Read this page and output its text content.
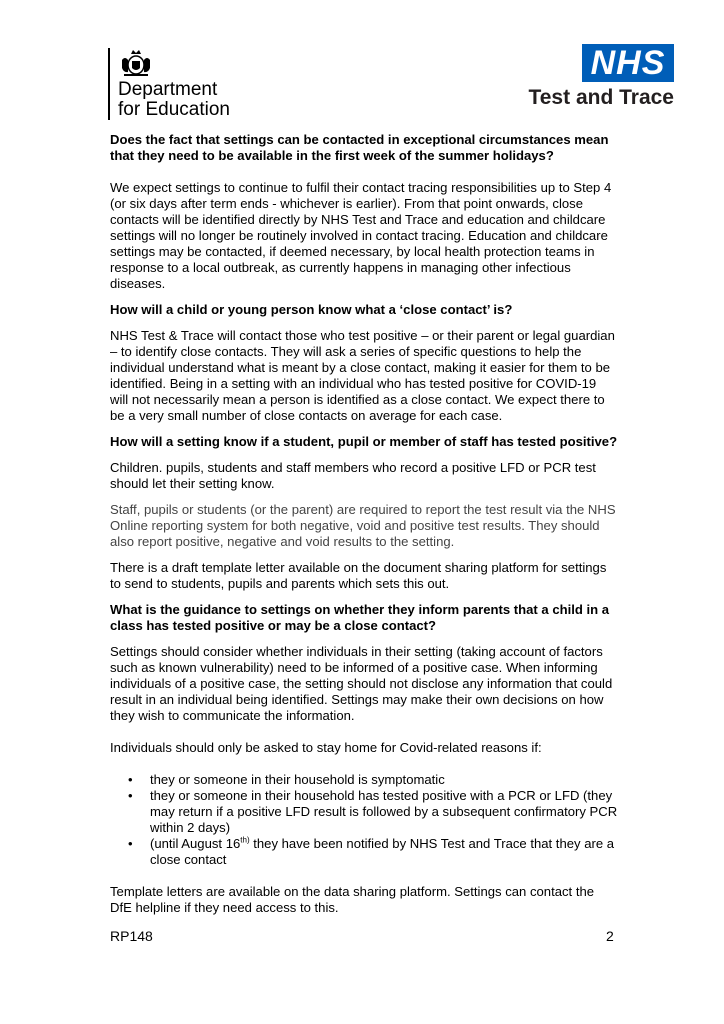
Department
for Education
NHS
Test and Trace

Does the fact that settings can be contacted in exceptional circumstances mean that they need to be available in the first week of the summer holidays?

We expect settings to continue to fulfil their contact tracing responsibilities up to Step 4 (or six days after term ends - whichever is earlier). From that point onwards, close contacts will be identified directly by NHS Test and Trace and education and childcare settings will no longer be routinely involved in contact tracing. Education and childcare settings may be contacted, if deemed necessary, by local health protection teams in response to a local outbreak, as currently happens in managing other infectious diseases.

How will a child or young person know what a ‘close contact’ is?

NHS Test & Trace will contact those who test positive – or their parent or legal guardian – to identify close contacts. They will ask a series of specific questions to help the individual understand what is meant by a close contact, making it easier for them to be identified. Being in a setting with an individual who has tested positive for COVID-19 will not necessarily mean a person is identified as a close contact. We expect there to be a very small number of close contacts on average for each case.

How will a setting know if a student, pupil or member of staff has tested positive?

Children. pupils, students and staff members who record a positive LFD or PCR test should let their setting know.

Staff, pupils or students (or the parent) are required to report the test result via the NHS Online reporting system for both negative, void and positive test results. They should also report positive, negative and void results to the setting.

There is a draft template letter available on the document sharing platform for settings to send to students, pupils and parents which sets this out.

What is the guidance to settings on whether they inform parents that a child in a class has tested positive or may be a close contact?

Settings should consider whether individuals in their setting (taking account of factors such as known vulnerability) need to be informed of a positive case. When informing individuals of a positive case, the setting should not disclose any information that could result in an individual being identified. Settings may make their own decisions on how they wish to communicate the information.

Individuals should only be asked to stay home for Covid-related reasons if:

• they or someone in their household is symptomatic
• they or someone in their household has tested positive with a PCR or LFD (they may return if a positive LFD result is followed by a subsequent confirmatory PCR within 2 days)
• (until August $16^{th)}$ they have been notified by NHS Test and Trace that they are a close contact

Template letters are available on the data sharing platform. Settings can contact the DfE helpline if they need access to this.

RP148	2
